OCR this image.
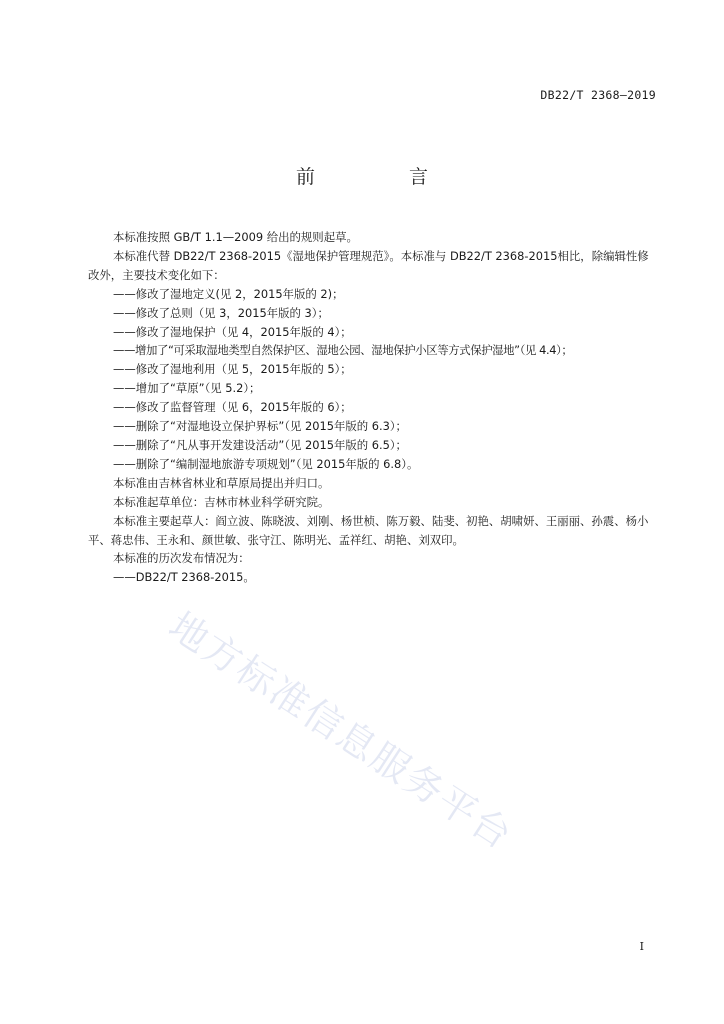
DB22/T 2368—2019
前 言

本标准按照 GB/T 1.1—2009 给出的规则起草。

本标准代替 DB22/T 2368-2015《湿地保护管理规范》。本标准与 DB22/T 2368-2015相比，除编辑性修改外，主要技术变化如下：

——修改了湿地定义(见 2，2015年版的 2)；

——修改了总则（见 3，2015年版的 3）；

——修改了湿地保护（见 4，2015年版的 4）；

——增加了“可采取湿地类型自然保护区、湿地公园、湿地保护小区等方式保护湿地”（见 4.4）；

——修改了湿地利用（见 5，2015年版的 5）；

——增加了“草原”（见 5.2）；

——修改了监督管理（见 6，2015年版的 6）；

——删除了“对湿地设立保护界标”（见 2015年版的 6.3）；

——删除了“凡从事开发建设活动”（见 2015年版的 6.5）；

——删除了“编制湿地旅游专项规划”（见 2015年版的 6.8）。

本标准由吉林省林业和草原局提出并归口。

本标准起草单位：吉林市林业科学研究院。

本标准主要起草人：阎立波、陈晓波、刘刚、杨世桢、陈万毅、陆斐、初艳、胡啸妍、王丽丽、孙震、杨小平、蒋忠伟、王永和、颜世敏、张守江、陈明光、孟祥红、胡艳、刘双印。

本标准的历次发布情况为：

——DB22/T 2368-2015。

地方标准信息服务平台
I
